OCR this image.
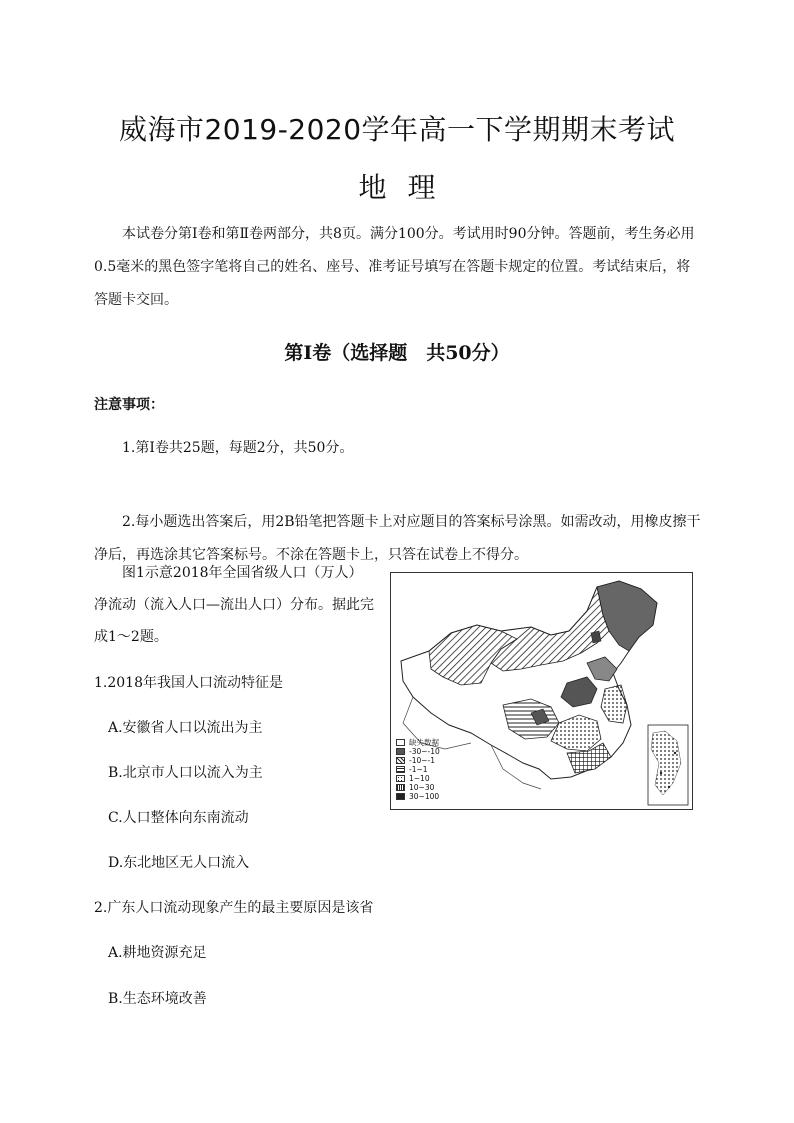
威海市2019-2020学年高一下学期期末考试
地 理

本试卷分第Ⅰ卷和第Ⅱ卷两部分，共8页。满分100分。考试用时90分钟。答题前，考生务必用0.5毫米的黑色签字笔将自己的姓名、座号、准考证号填写在答题卡规定的位置。考试结束后，将答题卡交回。

第Ⅰ卷（选择题　共50分）
注意事项：

1.第Ⅰ卷共25题，每题2分，共50分。

2.每小题选出答案后，用2B铅笔把答题卡上对应题目的答案标号涂黑。如需改动，用橡皮擦干净后，再选涂其它答案标号。不涂在答题卡上，只答在试卷上不得分。

图1示意2018年全国省级人口（万人）净流动（流入人口—流出人口）分布。据此完成1～2题。

1.2018年我国人口流动特征是
A.安徽省人口以流出为主
B.北京市人口以流入为主
C.人口整体向东南流动
D.东北地区无人口流入
2.广东人口流动现象产生的最主要原因是该省
A.耕地资源充足
B.生态环境改善
缺失数据
-30~-10
-10~-1
-1~1
1~10
10~30
30~100
